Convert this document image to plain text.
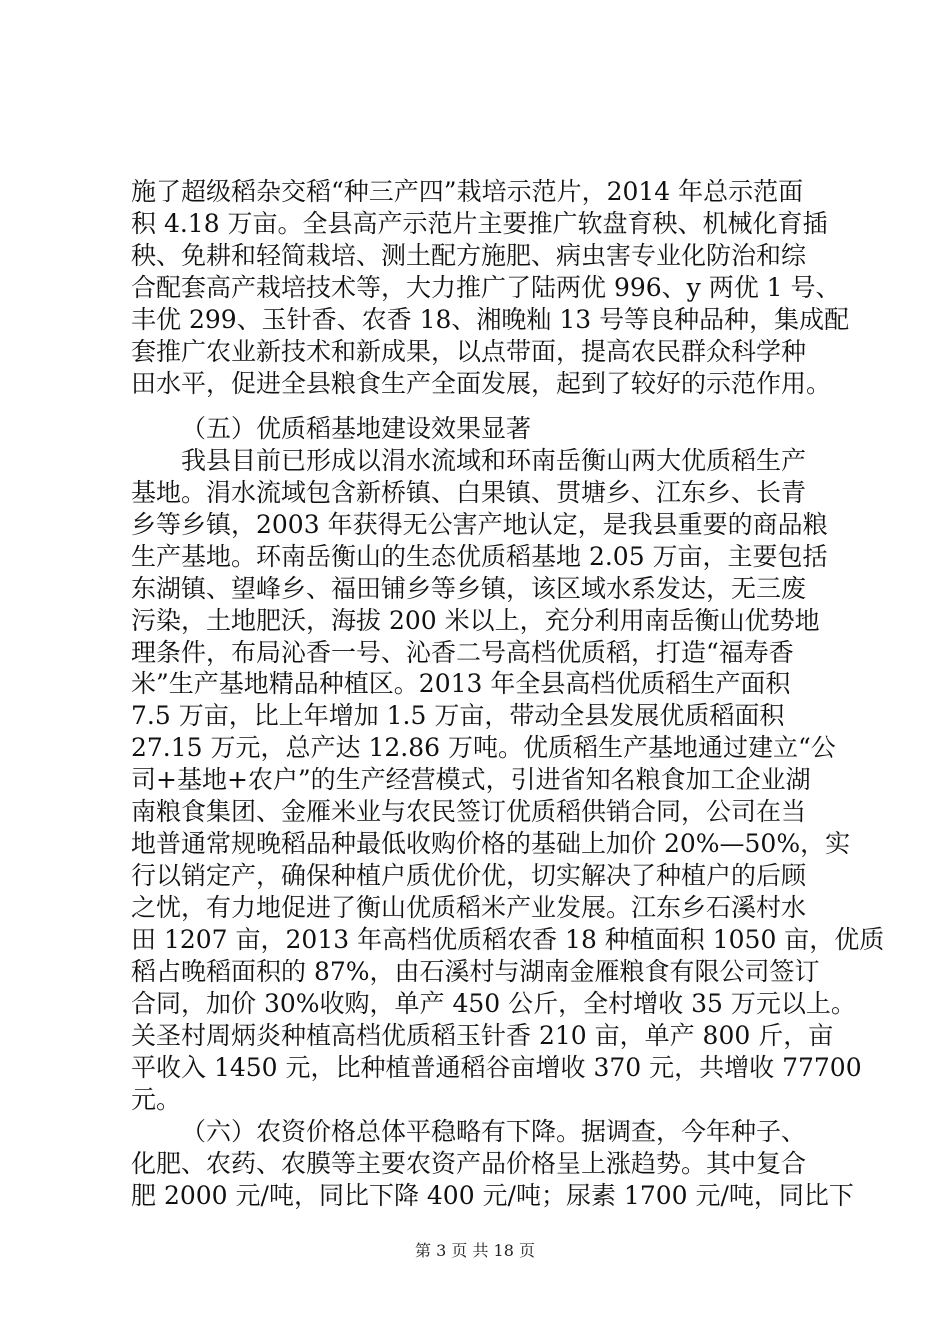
施了超级稻杂交稻“种三产四”栽培示范片，2014 年总示范面
积 4.18 万亩。全县高产示范片主要推广软盘育秧、机械化育插
秧、免耕和轻简栽培、测土配方施肥、病虫害专业化防治和综
合配套高产栽培技术等，大力推广了陆两优 996、y 两优 1 号、
丰优 299、玉针香、农香 18、湘晚籼 13 号等良种品种，集成配
套推广农业新技术和新成果，以点带面，提高农民群众科学种
田水平，促进全县粮食生产全面发展，起到了较好的示范作用。
（五）优质稻基地建设效果显著
我县目前已形成以涓水流域和环南岳衡山两大优质稻生产
基地。涓水流域包含新桥镇、白果镇、贯塘乡、江东乡、长青
乡等乡镇，2003 年获得无公害产地认定，是我县重要的商品粮
生产基地。环南岳衡山的生态优质稻基地 2.05 万亩，主要包括
东湖镇、望峰乡、福田铺乡等乡镇，该区域水系发达，无三废
污染，土地肥沃，海拔 200 米以上，充分利用南岳衡山优势地
理条件，布局沁香一号、沁香二号高档优质稻，打造“福寿香
米”生产基地精品种植区。2013 年全县高档优质稻生产面积
7.5 万亩，比上年增加 1.5 万亩，带动全县发展优质稻面积
27.15 万元，总产达 12.86 万吨。优质稻生产基地通过建立“公
司+基地+农户”的生产经营模式，引进省知名粮食加工企业湖
南粮食集团、金雁米业与农民签订优质稻供销合同，公司在当
地普通常规晚稻品种最低收购价格的基础上加价 20%—50%，实
行以销定产，确保种植户质优价优，切实解决了种植户的后顾
之忧，有力地促进了衡山优质稻米产业发展。江东乡石溪村水
田 1207 亩，2013 年高档优质稻农香 18 种植面积 1050 亩，优质
稻占晚稻面积的 87%，由石溪村与湖南金雁粮食有限公司签订
合同，加价 30%收购，单产 450 公斤，全村增收 35 万元以上。
关圣村周炳炎种植高档优质稻玉针香 210 亩，单产 800 斤，亩
平收入 1450 元，比种植普通稻谷亩增收 370 元，共增收 77700
元。
（六）农资价格总体平稳略有下降。据调查，今年种子、
化肥、农药、农膜等主要农资产品价格呈上涨趋势。其中复合
肥 2000 元/吨，同比下降 400 元/吨；尿素 1700 元/吨，同比下
第 3 页 共 18 页
